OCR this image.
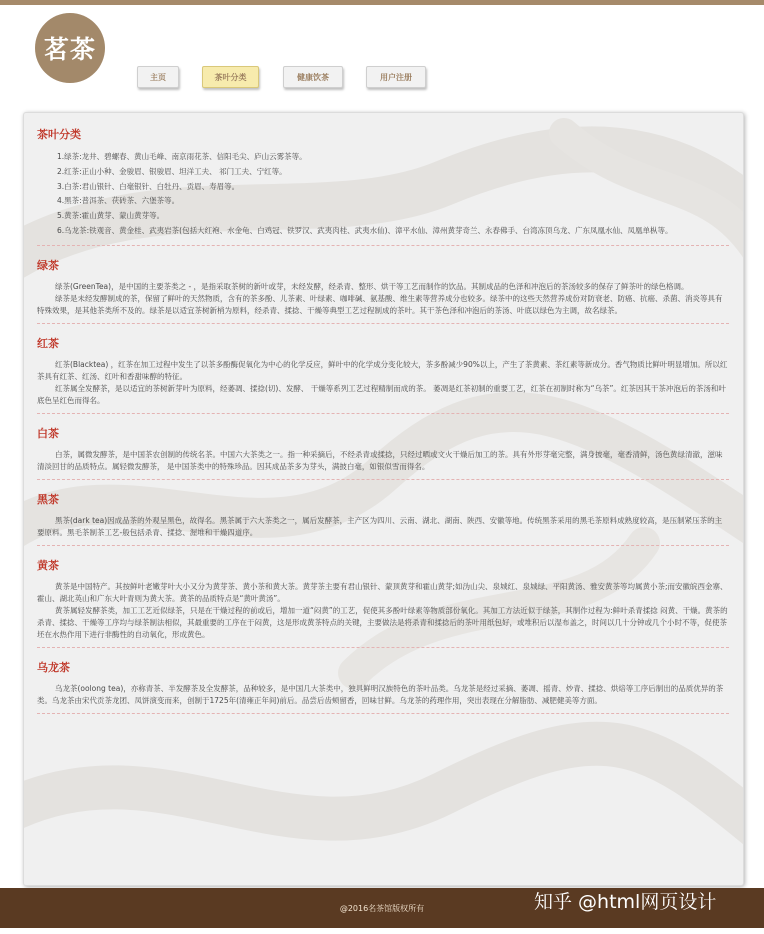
茗茶
主页	茶叶分类	健康饮茶	用户注册
茶叶分类
1.绿茶:龙井、碧螺春、黄山毛峰、南京雨花茶、信阳毛尖、庐山云雾茶等。
2.红茶:正山小种、金骏眉、银骏眉、坦洋工夫、 祁门工夫、宁红等。
3.白茶:君山银针、白毫银针、白牡丹、贡眉、寿眉等。
4.黑茶:普洱茶、茯砖茶、六堡茶等。
5.黄茶:霍山黄芽、蒙山黄芽等。
6.乌龙茶:铁观音、黄金桂、武夷岩茶(包括大红袍、水金龟、白鸡冠、铁罗汉、武夷肉桂、武夷水仙)、漳平水仙、漳州黄芽奇兰、永春佛手、台湾冻顶乌龙、广东凤凰水仙、凤凰单枞等。
绿茶

绿茶(GreenTea)，是中国的主要茶类之 - ，是指采取茶树的新叶或芽，未经发酵，经杀青、整形、烘干等工艺而制作的饮品。其制成品的色泽和冲泡后的茶汤较多的保存了鲜茶叶的绿色格调。

绿茶是未经发酵制成的茶，保留了鲜叶的天然物质，含有的茶多酚、儿茶素、叶绿素、咖啡碱、氨基酸、维生素等营养成分也较多。绿茶中的这些天然营养成份对防衰老、防癌、抗癌、杀菌、消炎等具有特殊效果，是其他茶类所不及的。绿茶是以适宜茶树新梢为原料，经杀青、揉捻、干燥等典型工艺过程制成的茶叶。其干茶色泽和冲泡后的茶汤、叶底以绿色为主调，故名绿茶。

红茶

红茶(Blacktea) ，红茶在加工过程中发生了以茶多酚酶促氧化为中心的化学反应，鲜叶中的化学成分变化较大，茶多酚减少90%以上，产生了茶黄素、茶红素等新成分。香气物质比鲜叶明显增加。所以红茶具有红茶、红汤、红叶和香甜味醇的特征。

红茶属全发酵茶，是以适宜的茶树新芽叶为原料，经萎凋、揉捻(切)、发酵、 干燥等系列工艺过程精制而成的茶。 萎凋是红茶初制的重要工艺，红茶在初制时称为“乌茶”。红茶因其干茶冲泡后的茶汤和叶底色呈红色而得名。

白茶

白茶，属微发酵茶，是中国茶农创制的传统名茶。中国六大茶类之一。指一种采摘后，不经杀青或揉捻，只经过晒或文火干燥后加工的茶。具有外形芽毫完整，满身披毫，毫香清鲜，汤色黄绿清澈，滋味清淡回甘的品质特点。属轻微发酵茶， 是中国茶类中的特殊珍品。因其成品茶多为芽头，满披白毫，如银似雪而得名。

黑茶

黑茶(dark tea)因成品茶的外观呈黑色，故得名。黑茶属于六大茶类之一，属后发酵茶，主产区为四川、云南、湖北、湖南、陕西、安徽等地。传统黑茶采用的黑毛茶原料成熟度较高，是压制紧压茶的主要原料。黑毛茶制茶工艺-般包括杀青、揉捻、渥堆和干燥四道序。

黄茶

黄茶是中国特产。其按鲜叶老嫩芽叶大小又分为黄芽茶、黄小茶和黄大茶。黄芽茶主要有君山银针、蒙顶黄芽和霍山黄芽;如沩山尖、泉城红、泉城绿、平阳黄汤、雅安黄茶等均属黄小茶;而安徽皖西金寨、霍山、湖北英山和广东大叶青则为黄大茶。黄茶的品质特点是“黄叶黄汤”。

黄茶属轻发酵茶类，加工工艺近似绿茶，只是在干燥过程的前或后，增加一道“闷黄”的工艺，促使其多酚叶绿素等物质部份氧化。其加工方法近似于绿茶，其制作过程为:鲜叶杀青揉捻 闷黄、干燥。黄茶的杀青、揉捻、干燥等工序均与绿茶制法相似，其最重要的工序在于闷黄，这是形成黄茶特点的关键，主要做法是将杀青和揉捻后的茶叶用纸包好，或堆积后以湿布盖之，时间以几十分钟或几个小时不等，促使茶坯在水热作用下进行非酶性的自动氧化，形成黄色。

乌龙茶

乌龙茶(oolong tea)，亦称青茶、半发酵茶及全发酵茶，品种较多，是中国几大茶类中，独具鲜明汉族特色的茶叶品类。乌龙茶是经过采摘、萎凋、摇青、炒青、揉捻、烘焙等工序后制出的品质优异的茶类。乌龙茶由宋代贡茶龙团、凤饼演变而来，创制于1725年(清雍正年间)前后。品尝后齿颊留香，回味甘鲜。乌龙茶的药理作用，突出表现在分解脂肪、减肥健美等方面。

@2016名茶馆版权所有	知乎 @html网页设计
